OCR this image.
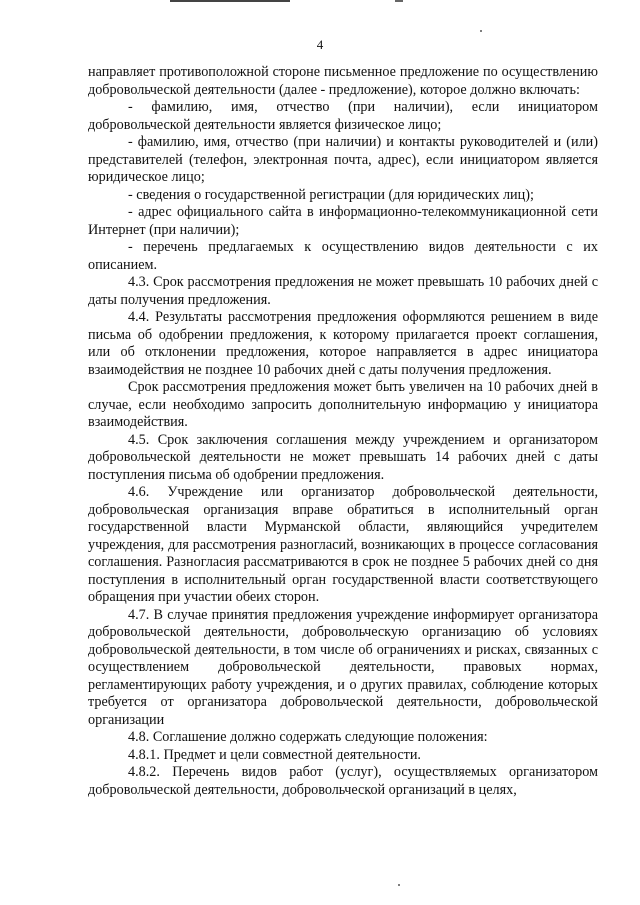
4

направляет противоположной стороне письменное предложение по осуществлению добровольческой деятельности (далее - предложение), которое должно включать:

- фамилию, имя, отчество (при наличии), если инициатором добровольческой деятельности является физическое лицо;

- фамилию, имя, отчество (при наличии) и контакты руководителей и (или) представителей (телефон, электронная почта, адрес), если инициатором является юридическое лицо;

- сведения о государственной регистрации (для юридических лиц);

- адрес официального сайта в информационно-телекоммуникационной сети Интернет (при наличии);

- перечень предлагаемых к осуществлению видов деятельности с их описанием.

4.3. Срок рассмотрения предложения не может превышать 10 рабочих дней с даты получения предложения.

4.4. Результаты рассмотрения предложения оформляются решением в виде письма об одобрении предложения, к которому прилагается проект соглашения, или об отклонении предложения, которое направляется в адрес инициатора взаимодействия не позднее 10 рабочих дней с даты получения предложения.

Срок рассмотрения предложения может быть увеличен на 10 рабочих дней в случае, если необходимо запросить дополнительную информацию у инициатора взаимодействия.

4.5. Срок заключения соглашения между учреждением и организатором добровольческой деятельности не может превышать 14 рабочих дней с даты поступления письма об одобрении предложения.

4.6. Учреждение или организатор добровольческой деятельности, добровольческая организация вправе обратиться в исполнительный орган государственной власти Мурманской области, являющийся учредителем учреждения, для рассмотрения разногласий, возникающих в процессе согласования соглашения. Разногласия рассматриваются в срок не позднее 5 рабочих дней со дня поступления в исполнительный орган государственной власти соответствующего обращения при участии обеих сторон.

4.7. В случае принятия предложения учреждение информирует организатора добровольческой деятельности, добровольческую организацию об условиях добровольческой деятельности, в том числе об ограничениях и рисках, связанных с осуществлением добровольческой деятельности, правовых нормах, регламентирующих работу учреждения, и о других правилах, соблюдение которых требуется от организатора добровольческой деятельности, добровольческой организации

4.8. Соглашение должно содержать следующие положения:

4.8.1. Предмет и цели совместной деятельности.

4.8.2. Перечень видов работ (услуг), осуществляемых организатором добровольческой деятельности, добровольческой организаций в целях,
